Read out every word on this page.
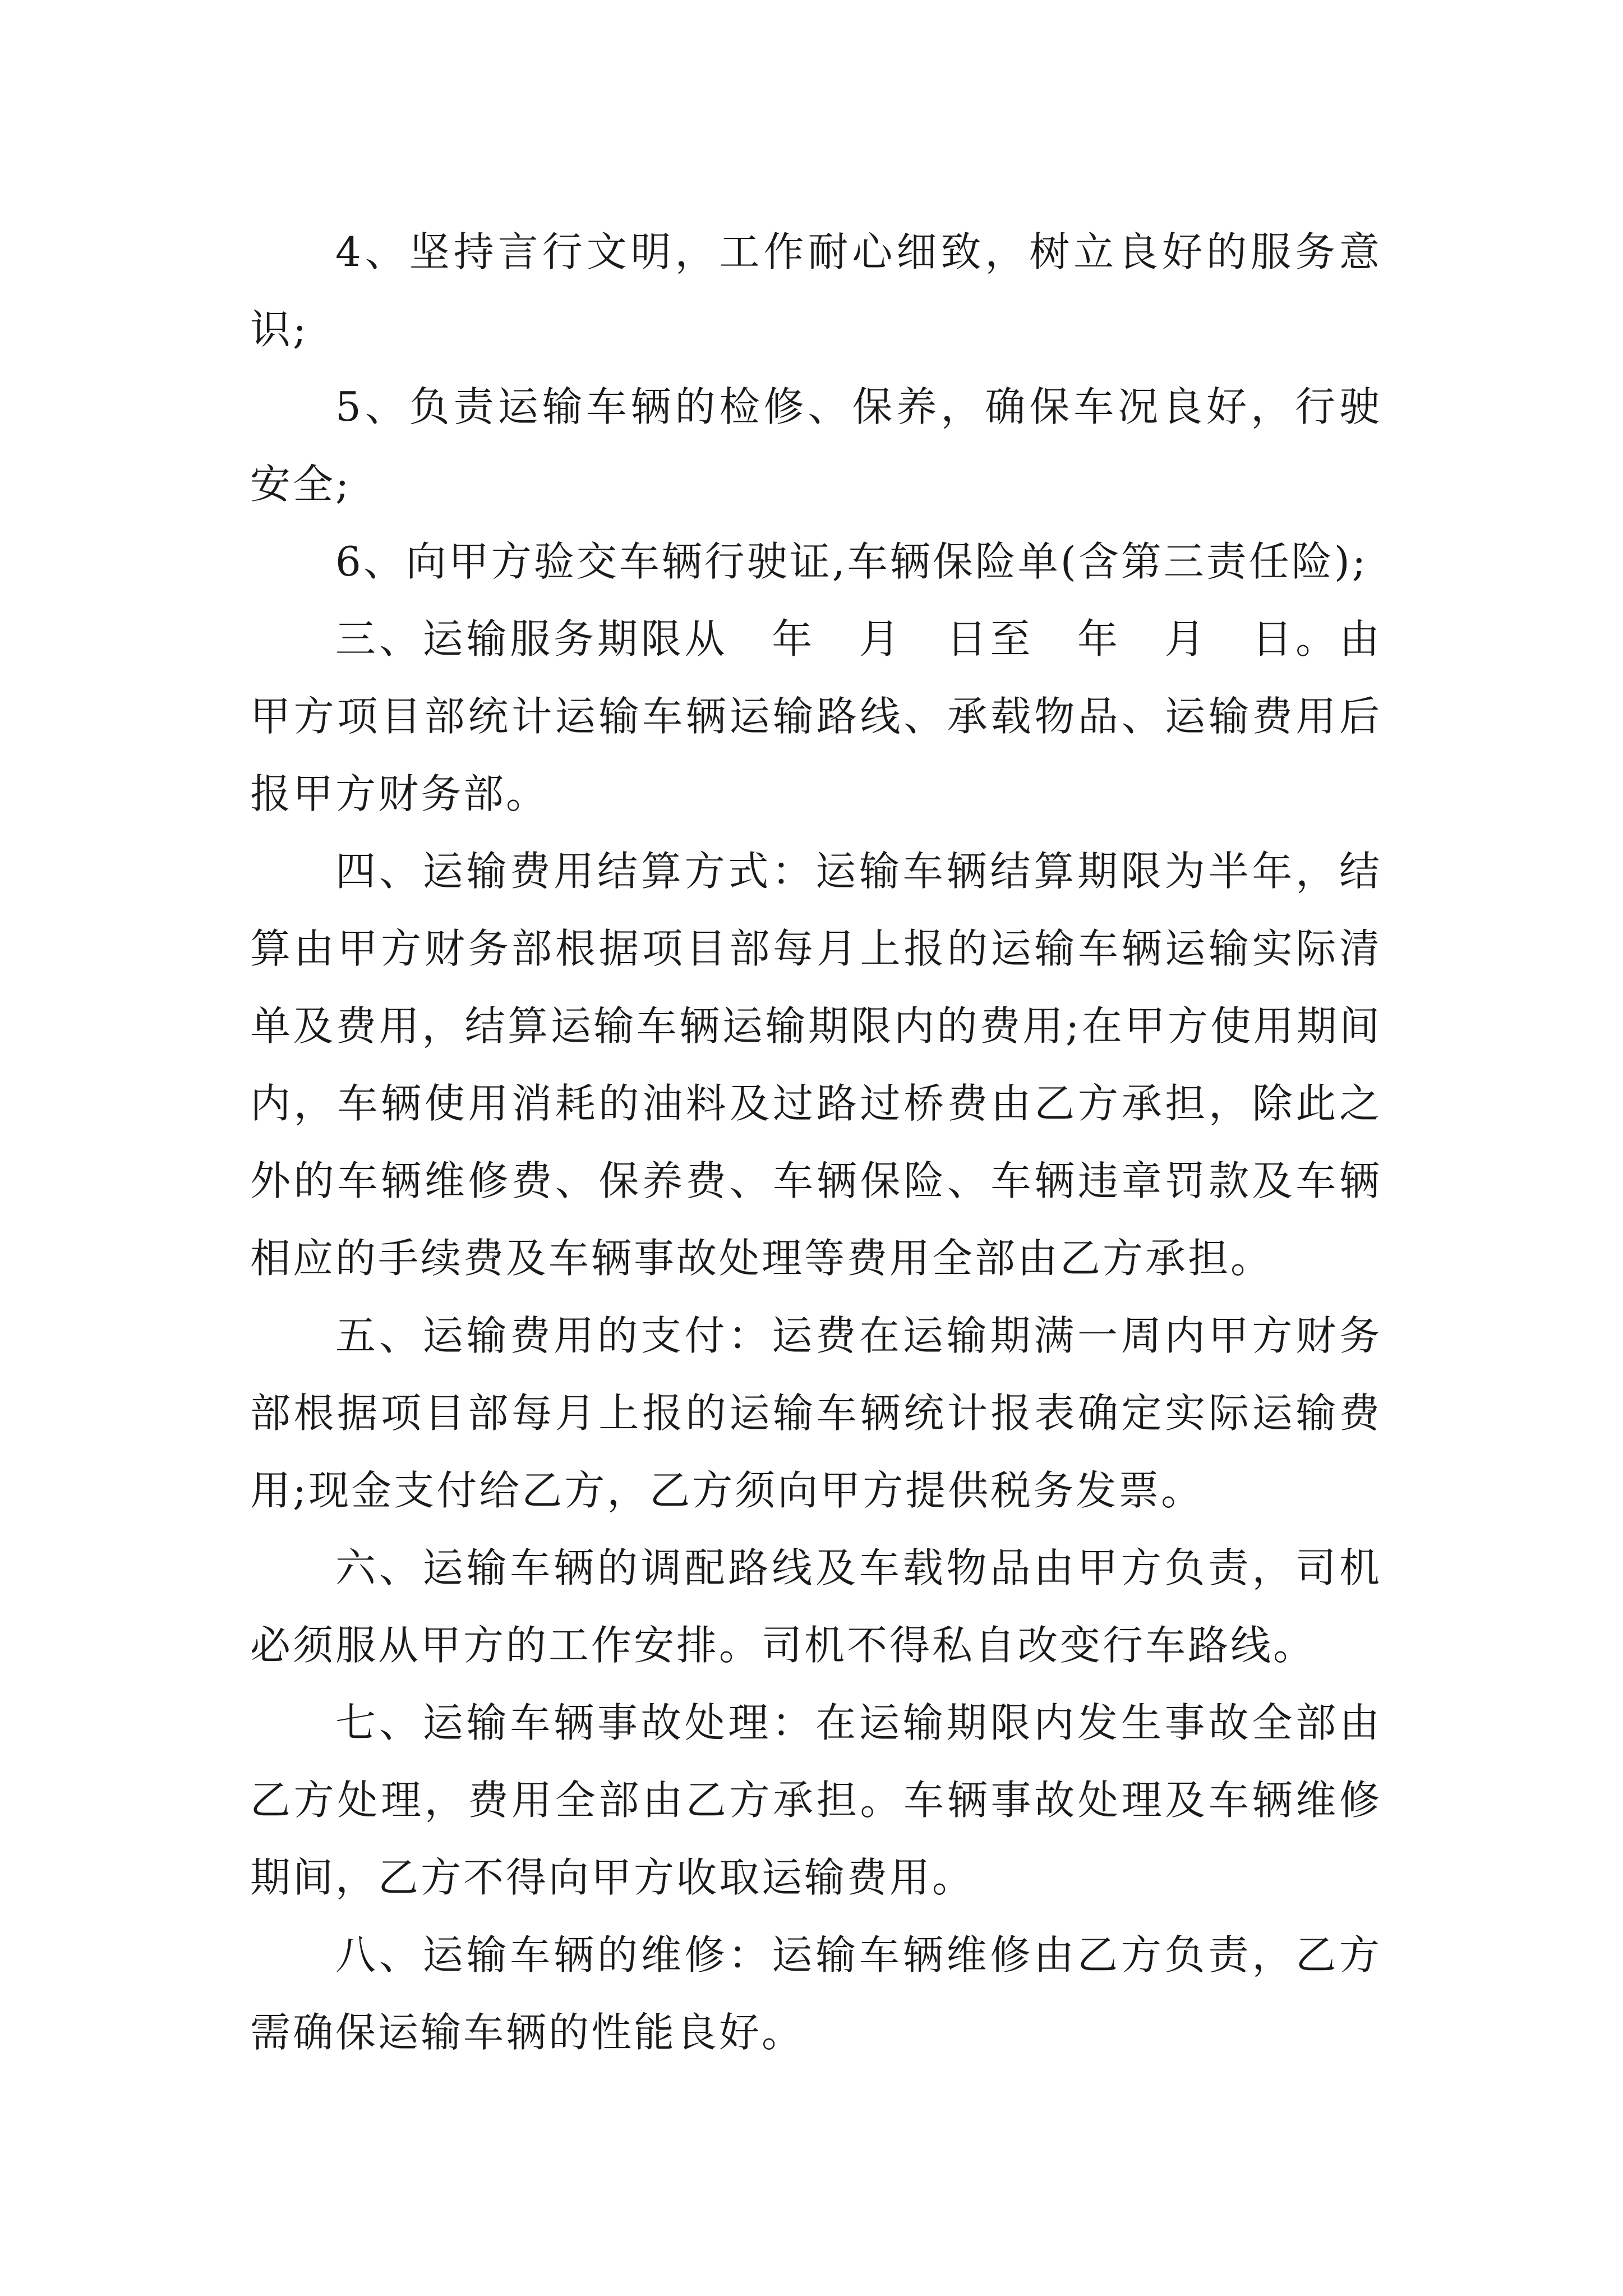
4、坚持言行文明，工作耐心细致，树立良好的服务意识;

5、负责运输车辆的检修、保养，确保车况良好，行驶安全;

6、向甲方验交车辆行驶证,车辆保险单(含第三责任险);

三、运输服务期限从　年　月　日至　年　月　日。由甲方项目部统计运输车辆运输路线、承载物品、运输费用后报甲方财务部。

四、运输费用结算方式：运输车辆结算期限为半年，结算由甲方财务部根据项目部每月上报的运输车辆运输实际清单及费用，结算运输车辆运输期限内的费用;在甲方使用期间内，车辆使用消耗的油料及过路过桥费由乙方承担，除此之外的车辆维修费、保养费、车辆保险、车辆违章罚款及车辆相应的手续费及车辆事故处理等费用全部由乙方承担。

五、运输费用的支付：运费在运输期满一周内甲方财务部根据项目部每月上报的运输车辆统计报表确定实际运输费用;现金支付给乙方，乙方须向甲方提供税务发票。

六、运输车辆的调配路线及车载物品由甲方负责，司机必须服从甲方的工作安排。司机不得私自改变行车路线。

七、运输车辆事故处理：在运输期限内发生事故全部由乙方处理，费用全部由乙方承担。车辆事故处理及车辆维修期间，乙方不得向甲方收取运输费用。

八、运输车辆的维修：运输车辆维修由乙方负责，乙方需确保运输车辆的性能良好。
